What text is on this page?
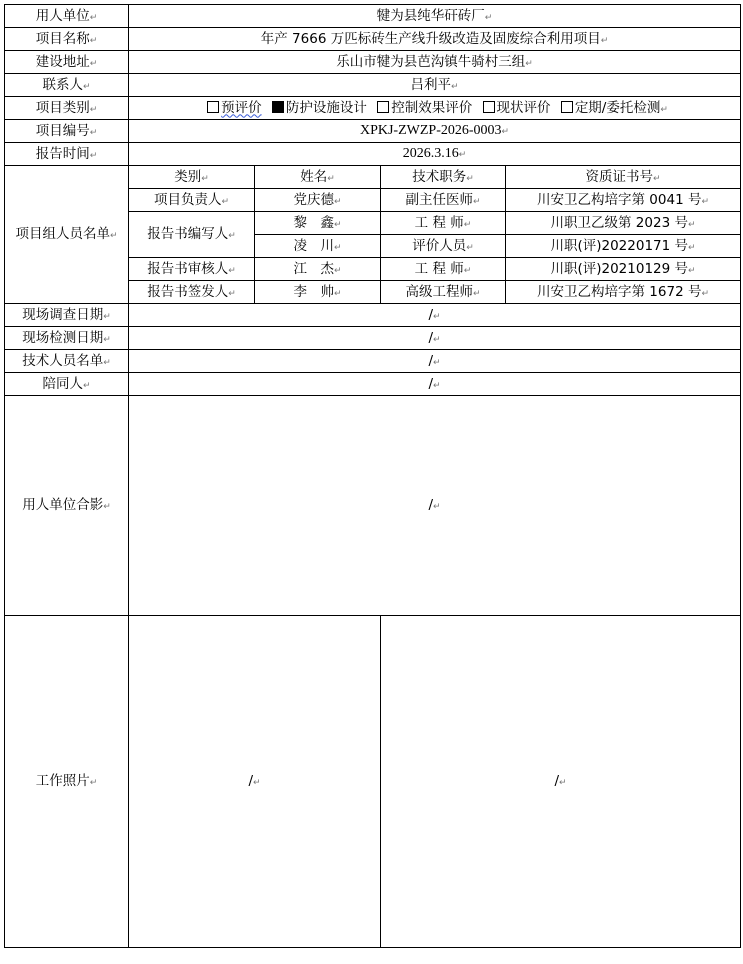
用人单位↵	犍为县纯华矸砖厂↵			
项目名称↵	年产 7666 万匹标砖生产线升级改造及固废综合利用项目↵			
建设地址↵	乐山市犍为县芭沟镇牛骑村三组↵			
联系人↵	吕利平↵			
项目类别↵	预评价 防护设施设计 控制效果评价 现状评价 定期/委托检测↵			
项目编号↵	XPKJ-ZWZP-2026-0003↵			
报告时间↵	2026.3.16↵			
项目组人员名单↵	类别↵	姓名↵	技术职务↵	资质证书号↵
	项目负责人↵	党庆德↵	副主任医师↵	川安卫乙构培字第 0041 号↵
	报告书编写人↵	黎　鑫↵	工 程 师↵	川职卫乙级第 2023 号↵
		凌　川↵	评价人员↵	川职(评)20220171 号↵
	报告书审核人↵	江　杰↵	工 程 师↵	川职(评)20210129 号↵
	报告书签发人↵	李　帅↵	高级工程师↵	川安卫乙构培字第 1672 号↵
现场调查日期↵	/↵			
现场检测日期↵	/↵			
技术人员名单↵	/↵			
陪同人↵	/↵			
用人单位合影↵	/↵			
工作照片↵	/↵		/↵	
